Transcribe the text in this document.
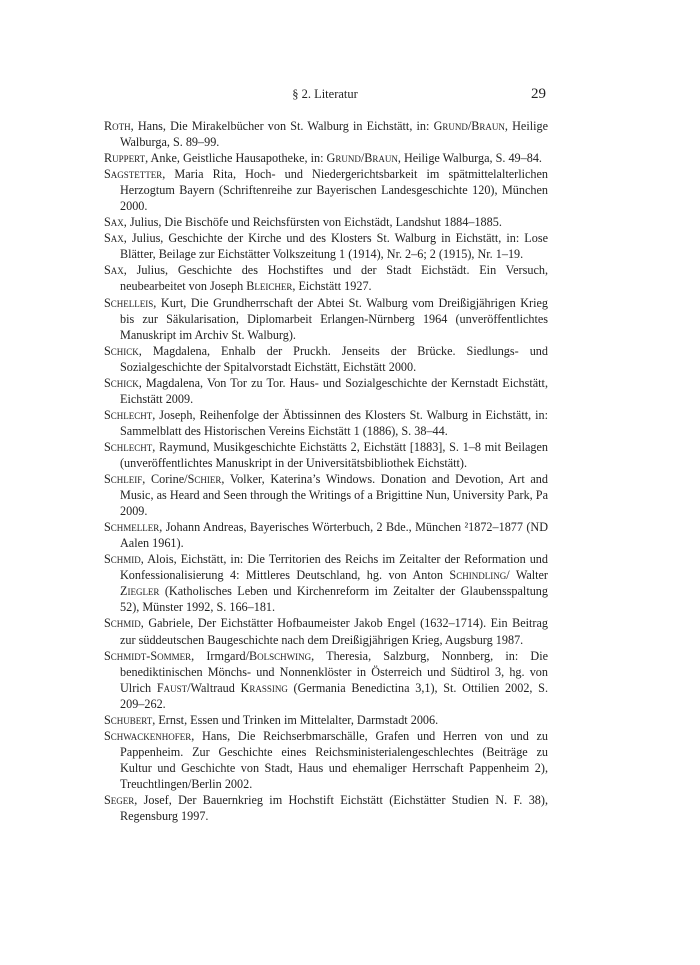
§ 2. Literatur	29

Roth, Hans, Die Mirakelbücher von St. Walburg in Eichstätt, in: Grund/Braun, Heilige Walburga, S. 89–99.

Ruppert, Anke, Geistliche Hausapotheke, in: Grund/Braun, Heilige Walburga, S. 49–84.

Sagstetter, Maria Rita, Hoch- und Niedergerichtsbarkeit im spätmittelalterlichen Herzogtum Bayern (Schriftenreihe zur Bayerischen Landesgeschichte 120), München 2000.

Sax, Julius, Die Bischöfe und Reichsfürsten von Eichstädt, Landshut 1884–1885.

Sax, Julius, Geschichte der Kirche und des Klosters St. Walburg in Eichstätt, in: Lose Blätter, Beilage zur Eichstätter Volkszeitung 1 (1914), Nr. 2–6; 2 (1915), Nr. 1–19.

Sax, Julius, Geschichte des Hochstiftes und der Stadt Eichstädt. Ein Versuch, neubearbeitet von Joseph Bleicher, Eichstätt 1927.

Schelleis, Kurt, Die Grundherrschaft der Abtei St. Walburg vom Dreißigjährigen Krieg bis zur Säkularisation, Diplomarbeit Erlangen-Nürnberg 1964 (unveröffentlichtes Manuskript im Archiv St. Walburg).

Schick, Magdalena, Enhalb der Pruckh. Jenseits der Brücke. Siedlungs- und Sozialgeschichte der Spitalvorstadt Eichstätt, Eichstätt 2000.

Schick, Magdalena, Von Tor zu Tor. Haus- und Sozialgeschichte der Kernstadt Eichstätt, Eichstätt 2009.

Schlecht, Joseph, Reihenfolge der Äbtissinnen des Klosters St. Walburg in Eichstätt, in: Sammelblatt des Historischen Vereins Eichstätt 1 (1886), S. 38–44.

Schlecht, Raymund, Musikgeschichte Eichstätts 2, Eichstätt [1883], S. 1–8 mit Beilagen (unveröffentlichtes Manuskript in der Universitätsbibliothek Eichstätt).

Schleif, Corine/Schier, Volker, Katerina’s Windows. Donation and Devotion, Art and Music, as Heard and Seen through the Writings of a Brigittine Nun, University Park, Pa 2009.

Schmeller, Johann Andreas, Bayerisches Wörterbuch, 2 Bde., München ²1872–1877 (ND Aalen 1961).

Schmid, Alois, Eichstätt, in: Die Territorien des Reichs im Zeitalter der Reformation und Konfessionalisierung 4: Mittleres Deutschland, hg. von Anton Schindling/ Walter Ziegler (Katholisches Leben und Kirchenreform im Zeitalter der Glaubensspaltung 52), Münster 1992, S. 166–181.

Schmid, Gabriele, Der Eichstätter Hofbaumeister Jakob Engel (1632–1714). Ein Beitrag zur süddeutschen Baugeschichte nach dem Dreißigjährigen Krieg, Augsburg 1987.

Schmidt-Sommer, Irmgard/Bolschwing, Theresia, Salzburg, Nonnberg, in: Die benediktinischen Mönchs- und Nonnenklöster in Österreich und Südtirol 3, hg. von Ulrich Faust/Waltraud Krassing (Germania Benedictina 3,1), St. Ottilien 2002, S. 209–262.

Schubert, Ernst, Essen und Trinken im Mittelalter, Darmstadt 2006.

Schwackenhofer, Hans, Die Reichserbmarschälle, Grafen und Herren von und zu Pappenheim. Zur Geschichte eines Reichsministerialengeschlechtes (Beiträge zu Kultur und Geschichte von Stadt, Haus und ehemaliger Herrschaft Pappenheim 2), Treuchtlingen/Berlin 2002.

Seger, Josef, Der Bauernkrieg im Hochstift Eichstätt (Eichstätter Studien N. F. 38), Regensburg 1997.
